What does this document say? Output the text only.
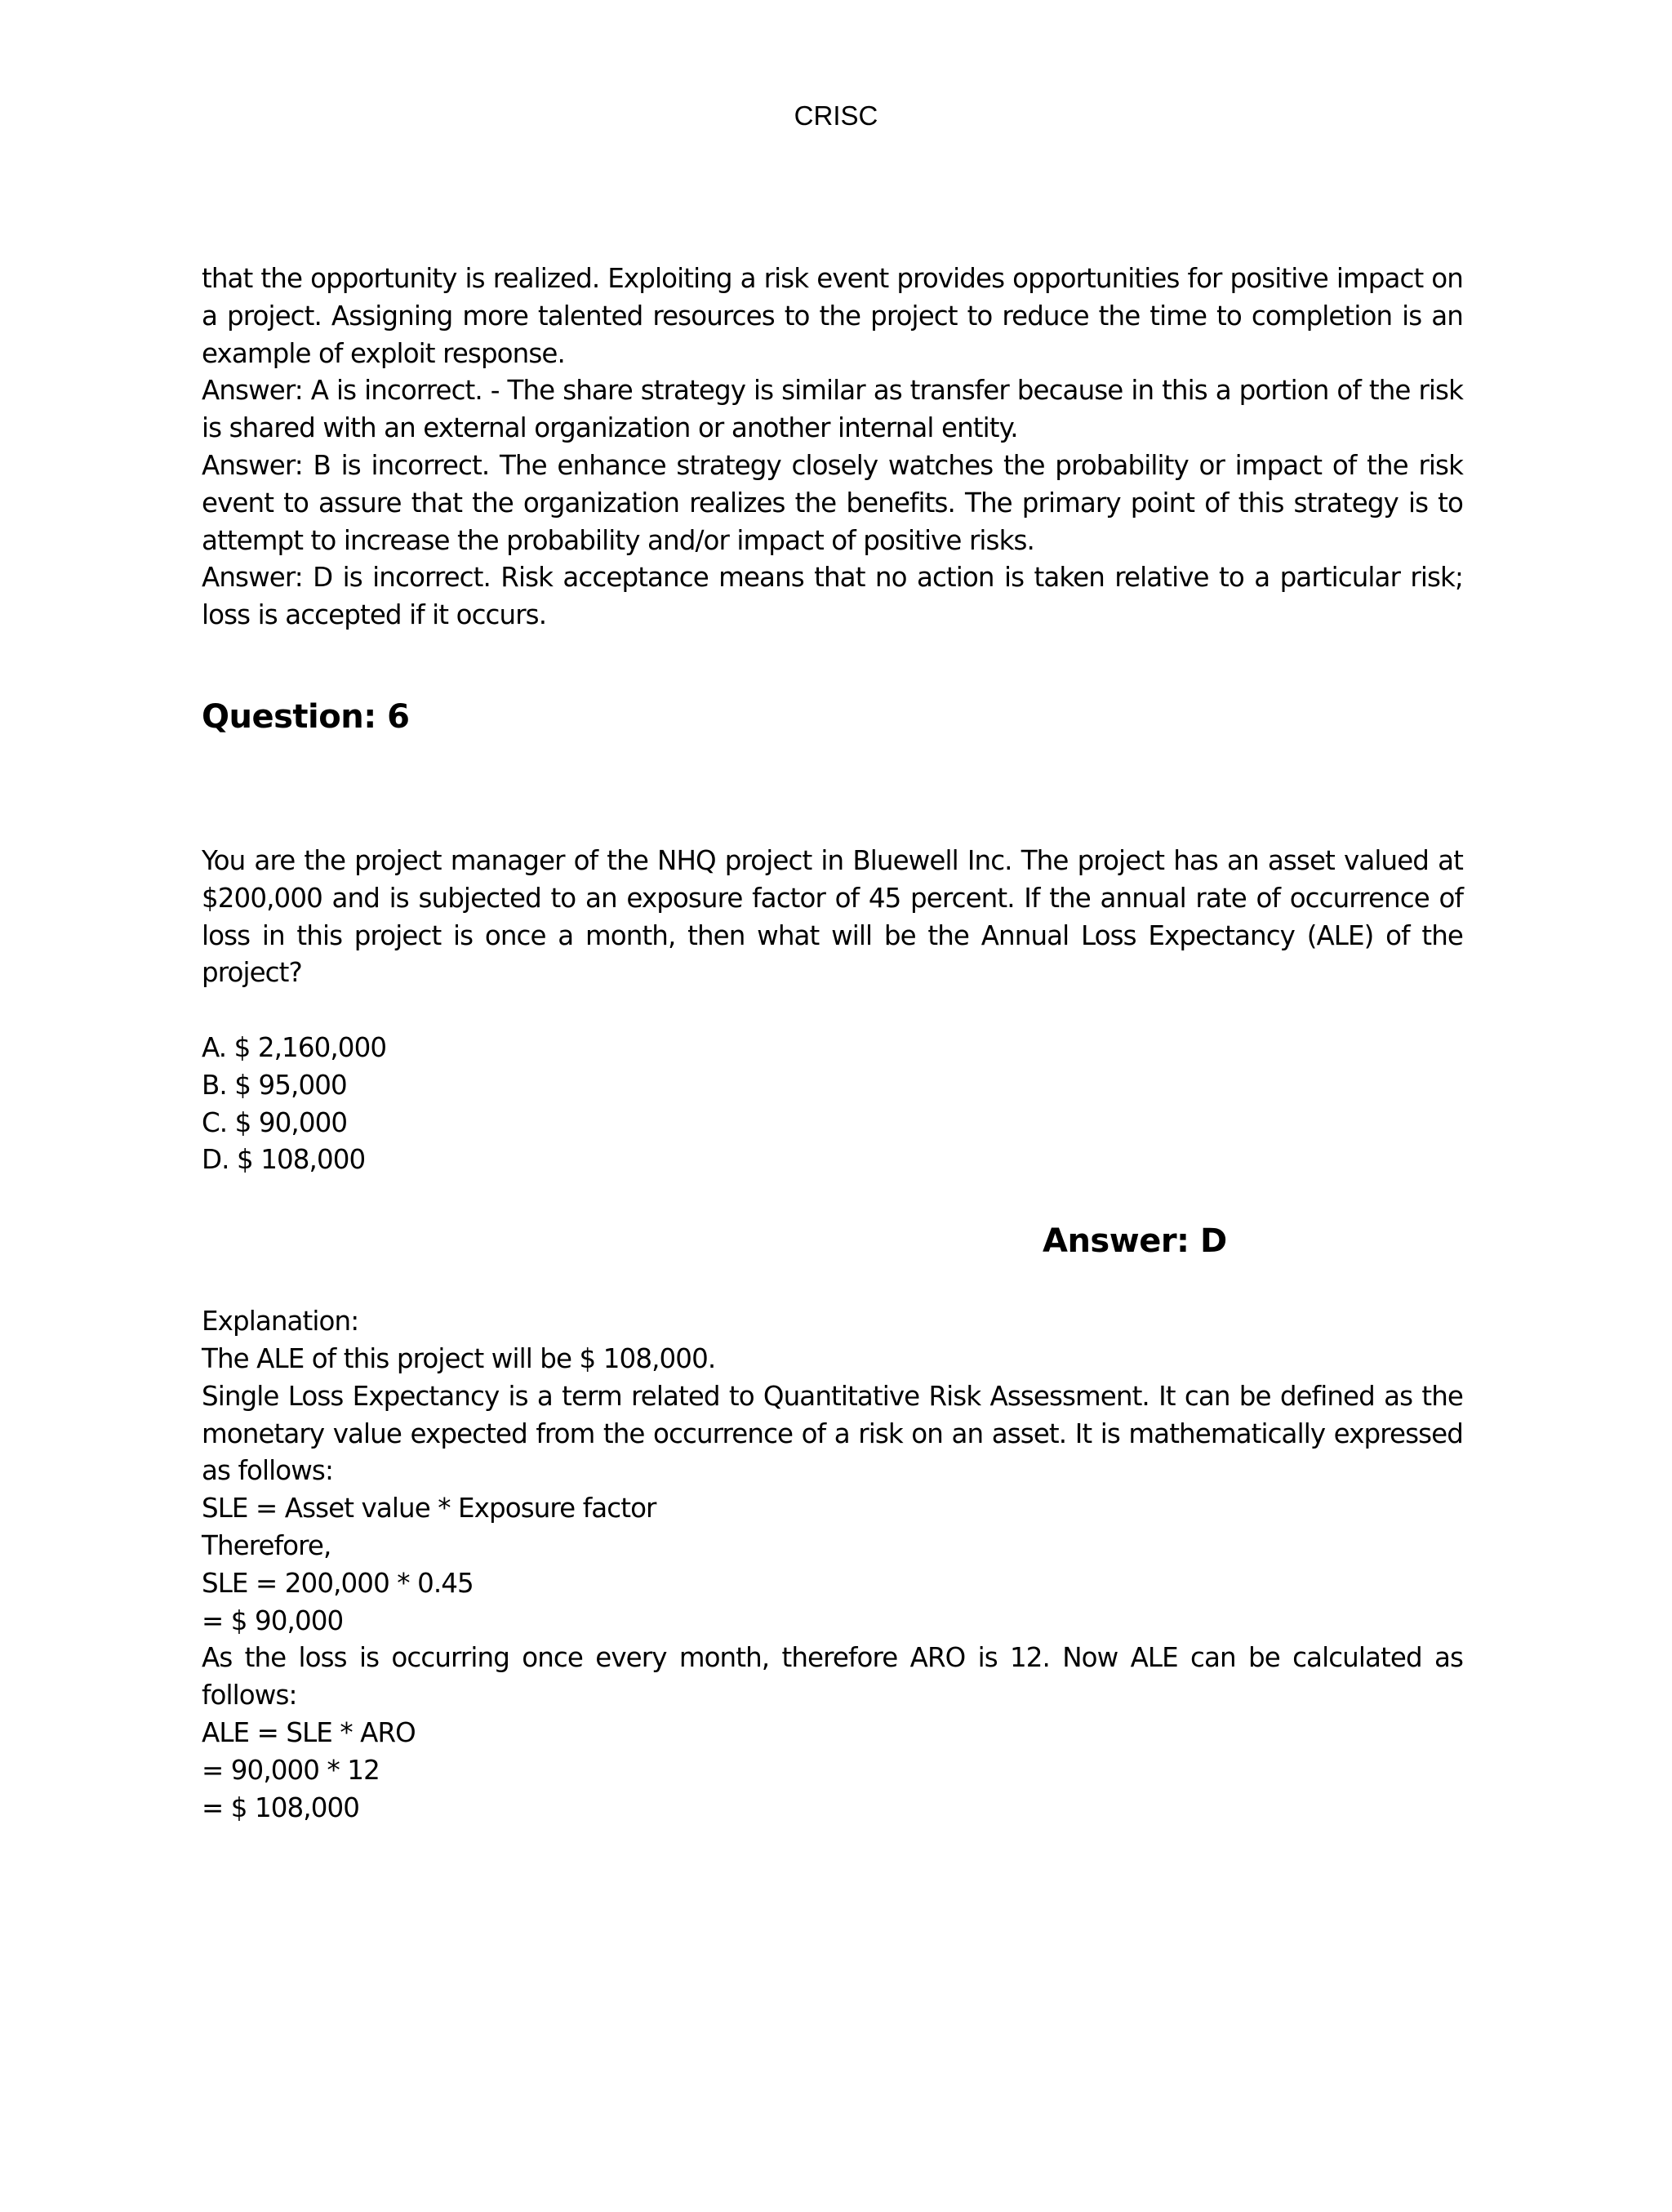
CRISC

that the opportunity is realized. Exploiting a risk event provides opportunities for positive impact on a project. Assigning more talented resources to the project to reduce the time to completion is an example of exploit response.

Answer: A is incorrect. - The share strategy is similar as transfer because in this a portion of the risk is shared with an external organization or another internal entity.

Answer: B is incorrect. The enhance strategy closely watches the probability or impact of the risk event to assure that the organization realizes the benefits. The primary point of this strategy is to attempt to increase the probability and/or impact of positive risks.

Answer: D is incorrect. Risk acceptance means that no action is taken relative to a particular risk; loss is accepted if it occurs.

Question: 6

You are the project manager of the NHQ project in Bluewell Inc. The project has an asset valued at $200,000 and is subjected to an exposure factor of 45 percent. If the annual rate of occurrence of loss in this project is once a month, then what will be the Annual Loss Expectancy (ALE) of the project?

A. $ 2,160,000

B. $ 95,000

C. $ 90,000

D. $ 108,000

Answer: D

Explanation:

The ALE of this project will be $ 108,000.

Single Loss Expectancy is a term related to Quantitative Risk Assessment. It can be defined as the monetary value expected from the occurrence of a risk on an asset. It is mathematically expressed as follows:

SLE = Asset value * Exposure factor

Therefore,

SLE = 200,000 * 0.45

= $ 90,000

As the loss is occurring once every month, therefore ARO is 12. Now ALE can be calculated as follows:

ALE = SLE * ARO

= 90,000 * 12

= $ 108,000
